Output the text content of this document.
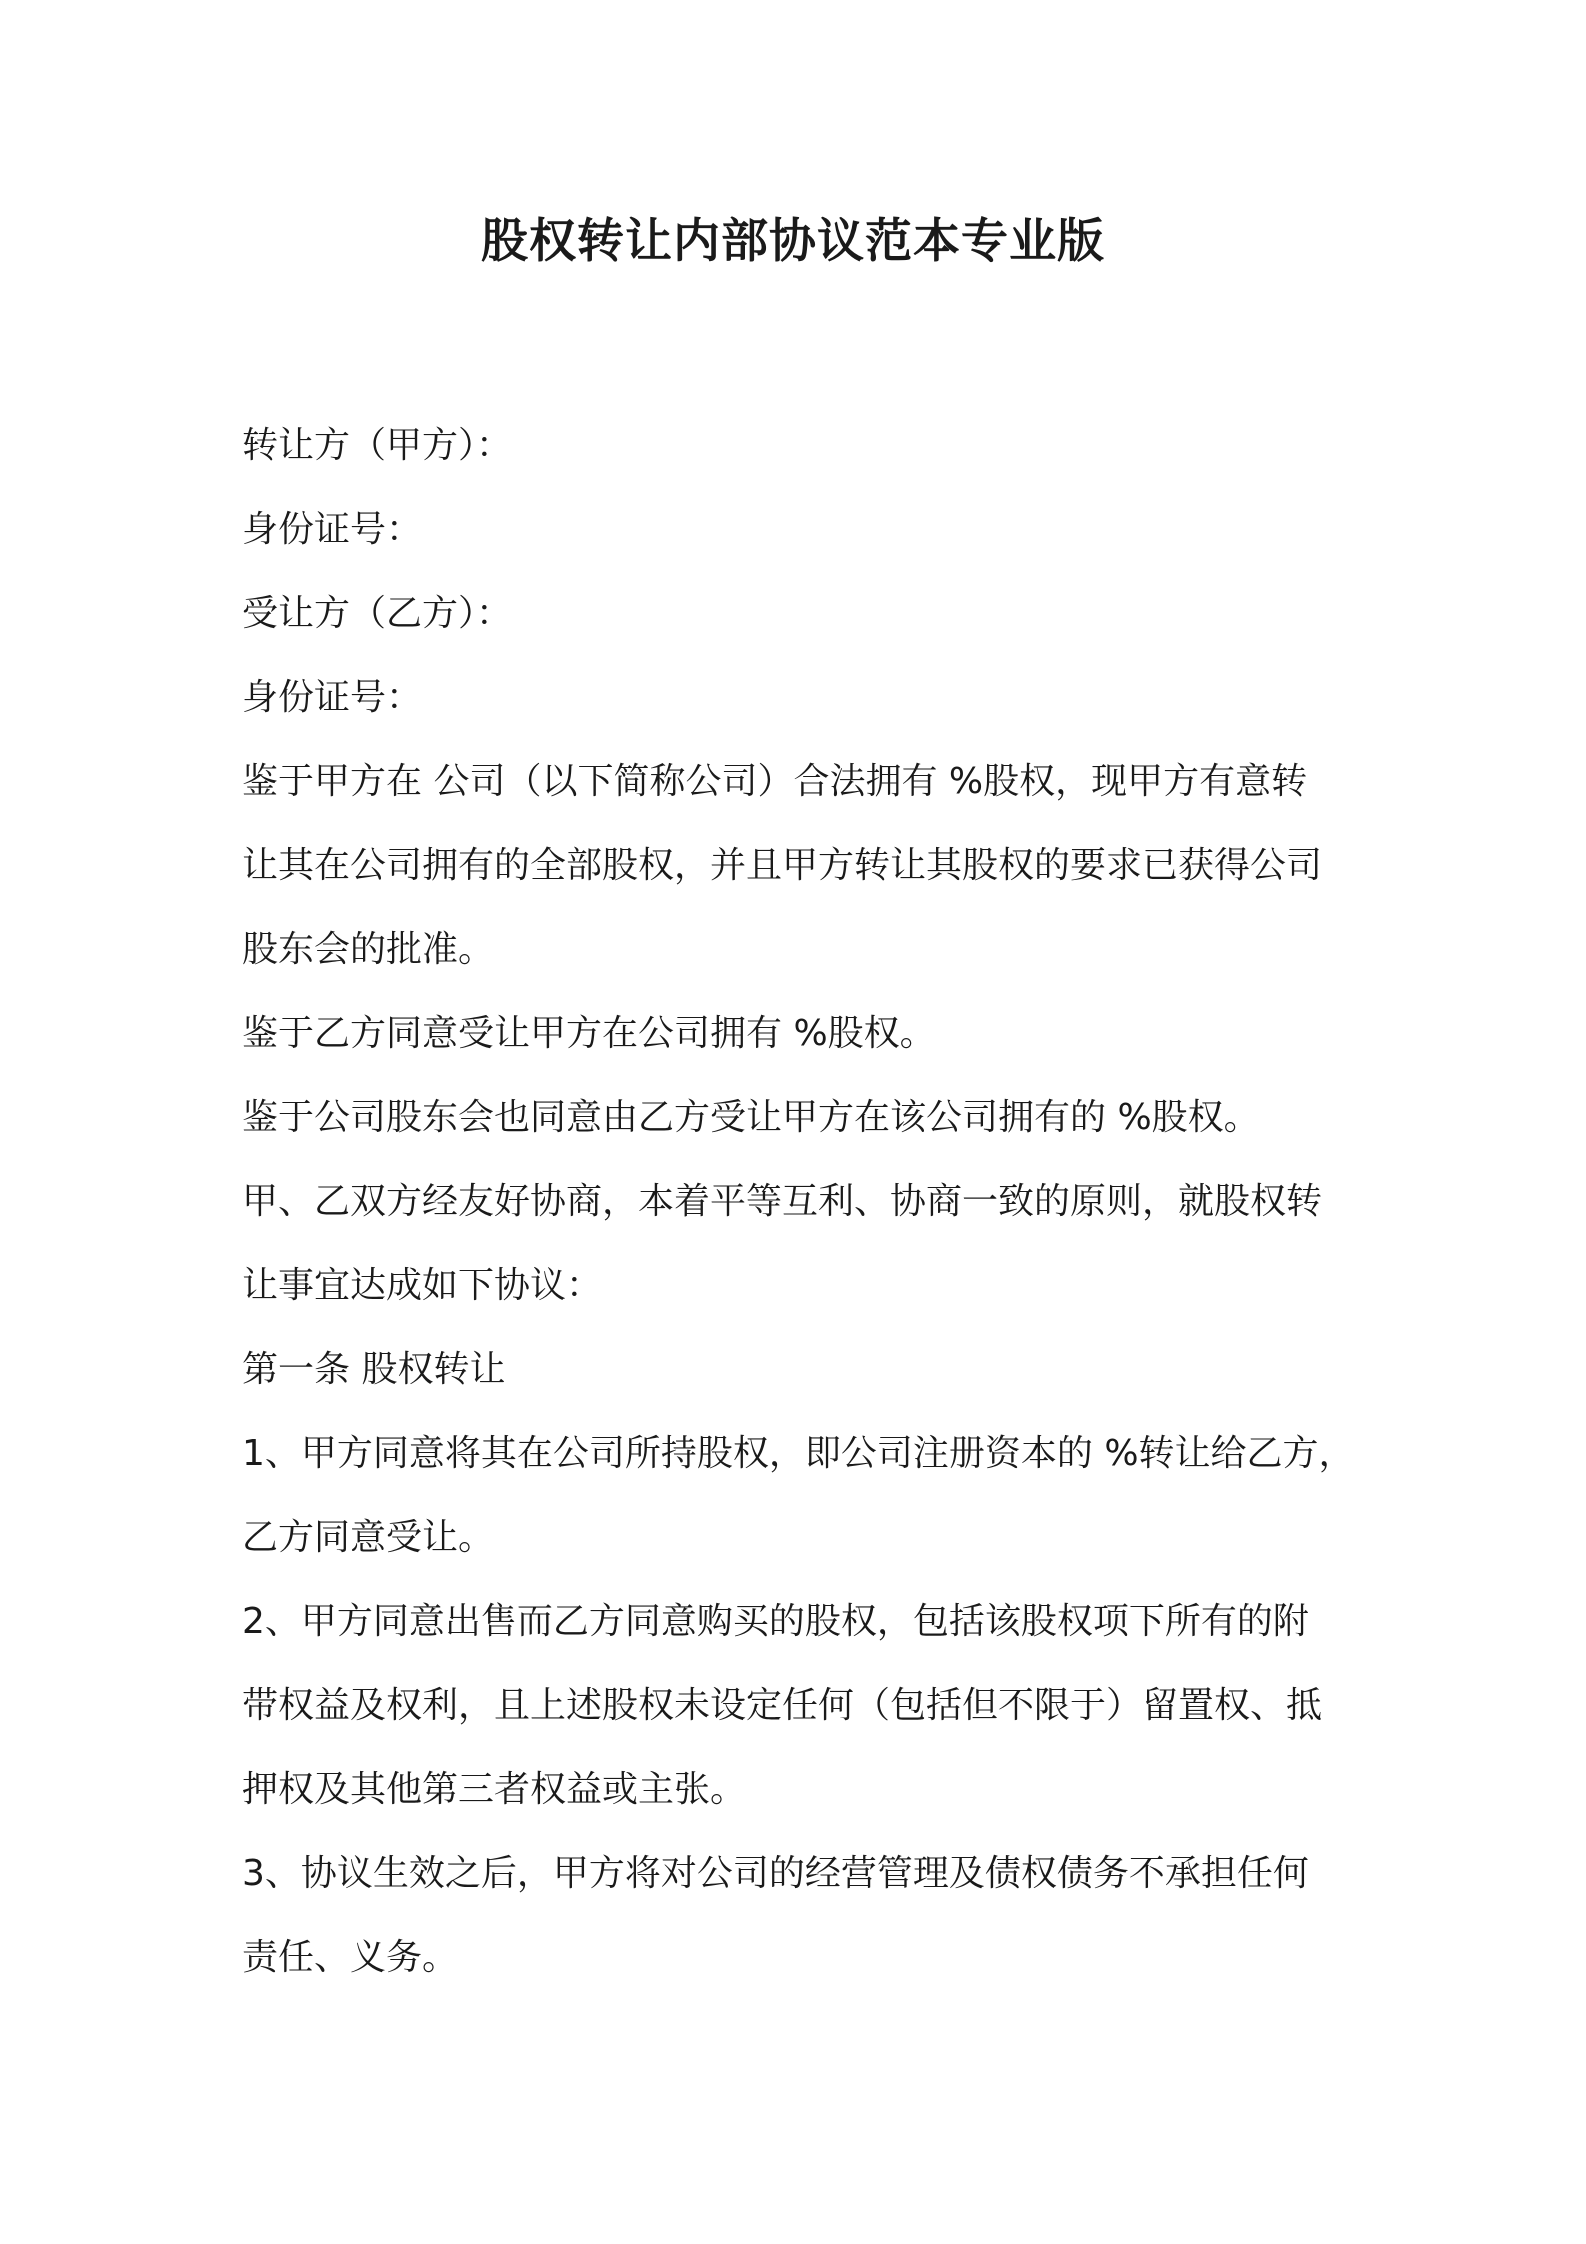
股权转让内部协议范本专业版
转让方（甲方）：
身份证号：
受让方（乙方）：
身份证号：
鉴于甲方在 公司（以下简称公司）合法拥有 %股权，现甲方有意转
让其在公司拥有的全部股权，并且甲方转让其股权的要求已获得公司
股东会的批准。
鉴于乙方同意受让甲方在公司拥有 %股权。
鉴于公司股东会也同意由乙方受让甲方在该公司拥有的 %股权。
甲、乙双方经友好协商，本着平等互利、协商一致的原则，就股权转
让事宜达成如下协议：
第一条 股权转让
1、甲方同意将其在公司所持股权，即公司注册资本的 %转让给乙方，
乙方同意受让。
2、甲方同意出售而乙方同意购买的股权，包括该股权项下所有的附
带权益及权利，且上述股权未设定任何（包括但不限于）留置权、抵
押权及其他第三者权益或主张。
3、协议生效之后，甲方将对公司的经营管理及债权债务不承担任何
责任、义务。
